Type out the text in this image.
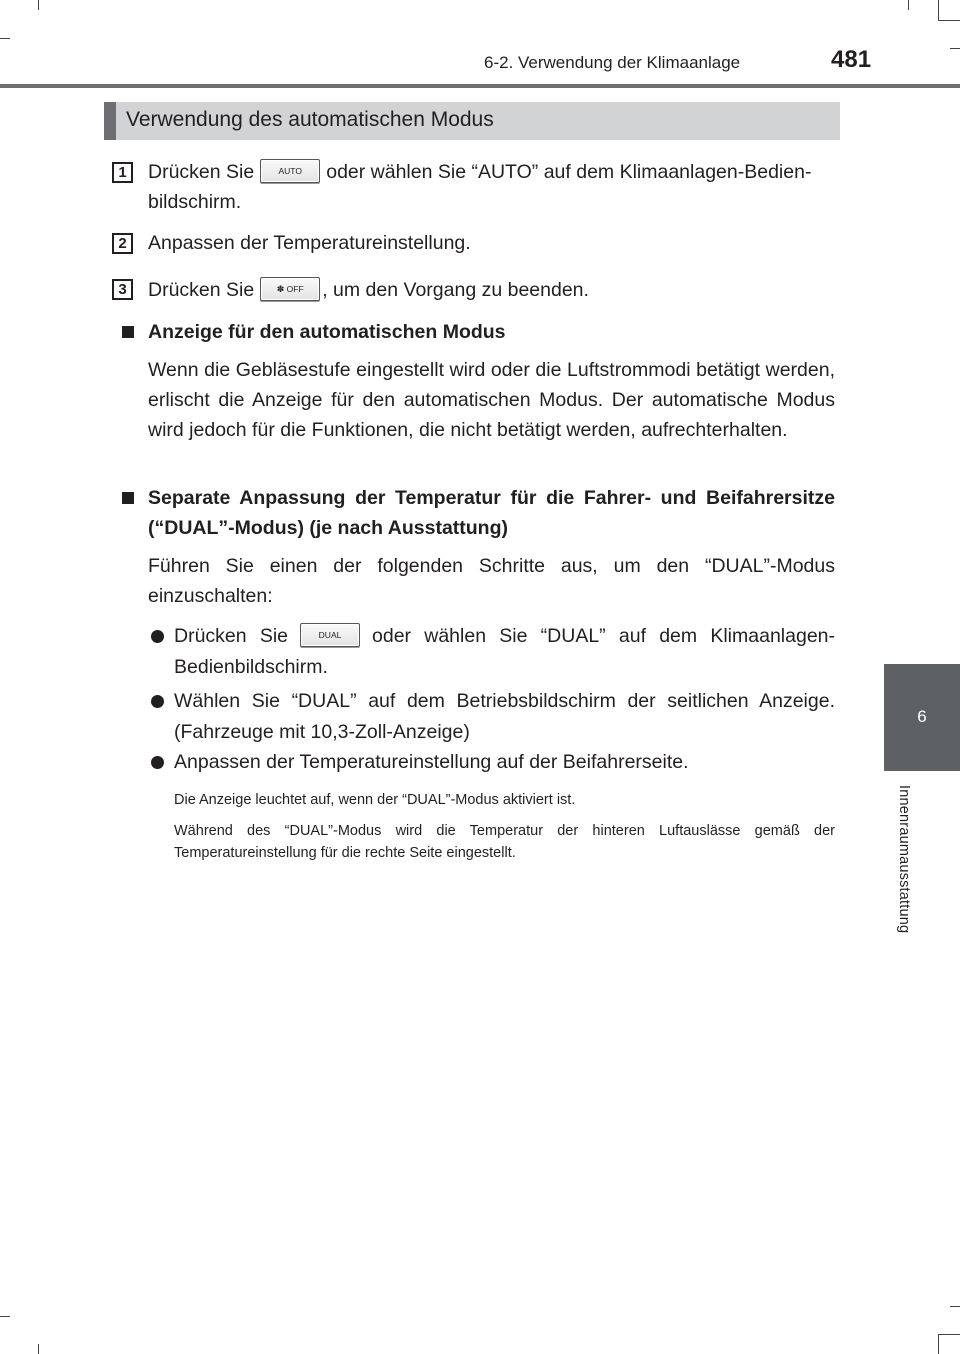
6-2. Verwendung der Klimaanlage	481
6
Innenraumausstattung
Verwendung des automatischen Modus
1	Drücken Sie	AUTO oder wählen Sie “AUTO” auf dem Klimaanlagen-Bedien-
bildschirm.
2	Anpassen der Temperatureinstellung.
3	Drücken Sie	✽ OFF , um den Vorgang zu beenden.
Anzeige für den automatischen Modus
Wenn die Gebläsestufe eingestellt wird oder die Luftstrommodi betätigt werden, erlischt die Anzeige für den automatischen Modus. Der automatische Modus wird jedoch für die Funktionen, die nicht betätigt werden, aufrechterhalten.
Separate Anpassung der Temperatur für die Fahrer- und Beifahrersitze (“DUAL”-Modus) (je nach Ausstattung)
Führen Sie einen der folgenden Schritte aus, um den “DUAL”-Modus einzuschalten:
Drücken Sie	DUAL oder wählen Sie “DUAL” auf dem Klimaanlagen-Bedienbildschirm.
Wählen Sie “DUAL” auf dem Betriebsbildschirm der seitlichen Anzeige.(Fahrzeuge mit 10,3-Zoll-Anzeige)
Anpassen der Temperatureinstellung auf der Beifahrerseite.
Die Anzeige leuchtet auf, wenn der “DUAL”-Modus aktiviert ist.
Während des “DUAL”-Modus wird die Temperatur der hinteren Luftauslässe gemäß der Temperatureinstellung für die rechte Seite eingestellt.
